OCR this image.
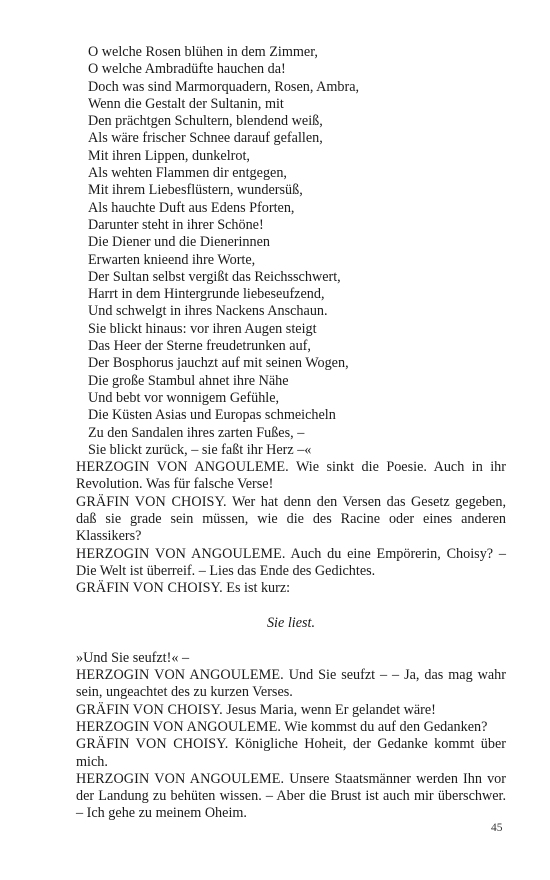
O welche Rosen blühen in dem Zimmer,
O welche Ambradüfte hauchen da!
Doch was sind Marmorquadern, Rosen, Ambra,
Wenn die Gestalt der Sultanin, mit
Den prächtgen Schultern, blendend weiß,
Als wäre frischer Schnee darauf gefallen,
Mit ihren Lippen, dunkelrot,
Als wehten Flammen dir entgegen,
Mit ihrem Liebesflüstern, wundersüß,
Als hauchte Duft aus Edens Pforten,
Darunter steht in ihrer Schöne!
Die Diener und die Dienerinnen
Erwarten knieend ihre Worte,
Der Sultan selbst vergißt das Reichsschwert,
Harrt in dem Hintergrunde liebeseufzend,
Und schwelgt in ihres Nackens Anschaun.
Sie blickt hinaus: vor ihren Augen steigt
Das Heer der Sterne freudetrunken auf,
Der Bosphorus jauchzt auf mit seinen Wogen,
Die große Stambul ahnet ihre Nähe
Und bebt vor wonnigem Gefühle,
Die Küsten Asias und Europas schmeicheln
Zu den Sandalen ihres zarten Fußes, –
Sie blickt zurück, – sie faßt ihr Herz –«

HERZOGIN VON ANGOULEME. Wie sinkt die Poesie. Auch in ihr Revolution. Was für falsche Verse!

GRÄFIN VON CHOISY. Wer hat denn den Versen das Gesetz gegeben, daß sie grade sein müssen, wie die des Racine oder eines anderen Klassikers?

HERZOGIN VON ANGOULEME. Auch du eine Empörerin, Choisy? – Die Welt ist überreif. – Lies das Ende des Gedichtes.

GRÄFIN VON CHOISY. Es ist kurz:

Sie liest.

»Und Sie seufzt!« –

HERZOGIN VON ANGOULEME. Und Sie seufzt – – Ja, das mag wahr sein, ungeachtet des zu kurzen Verses.

GRÄFIN VON CHOISY. Jesus Maria, wenn Er gelandet wäre!

HERZOGIN VON ANGOULEME. Wie kommst du auf den Gedanken?

GRÄFIN VON CHOISY. Königliche Hoheit, der Gedanke kommt über mich.

HERZOGIN VON ANGOULEME. Unsere Staatsmänner werden Ihn vor der Landung zu behüten wissen. – Aber die Brust ist auch mir überschwer. – Ich gehe zu meinem Oheim.

45
